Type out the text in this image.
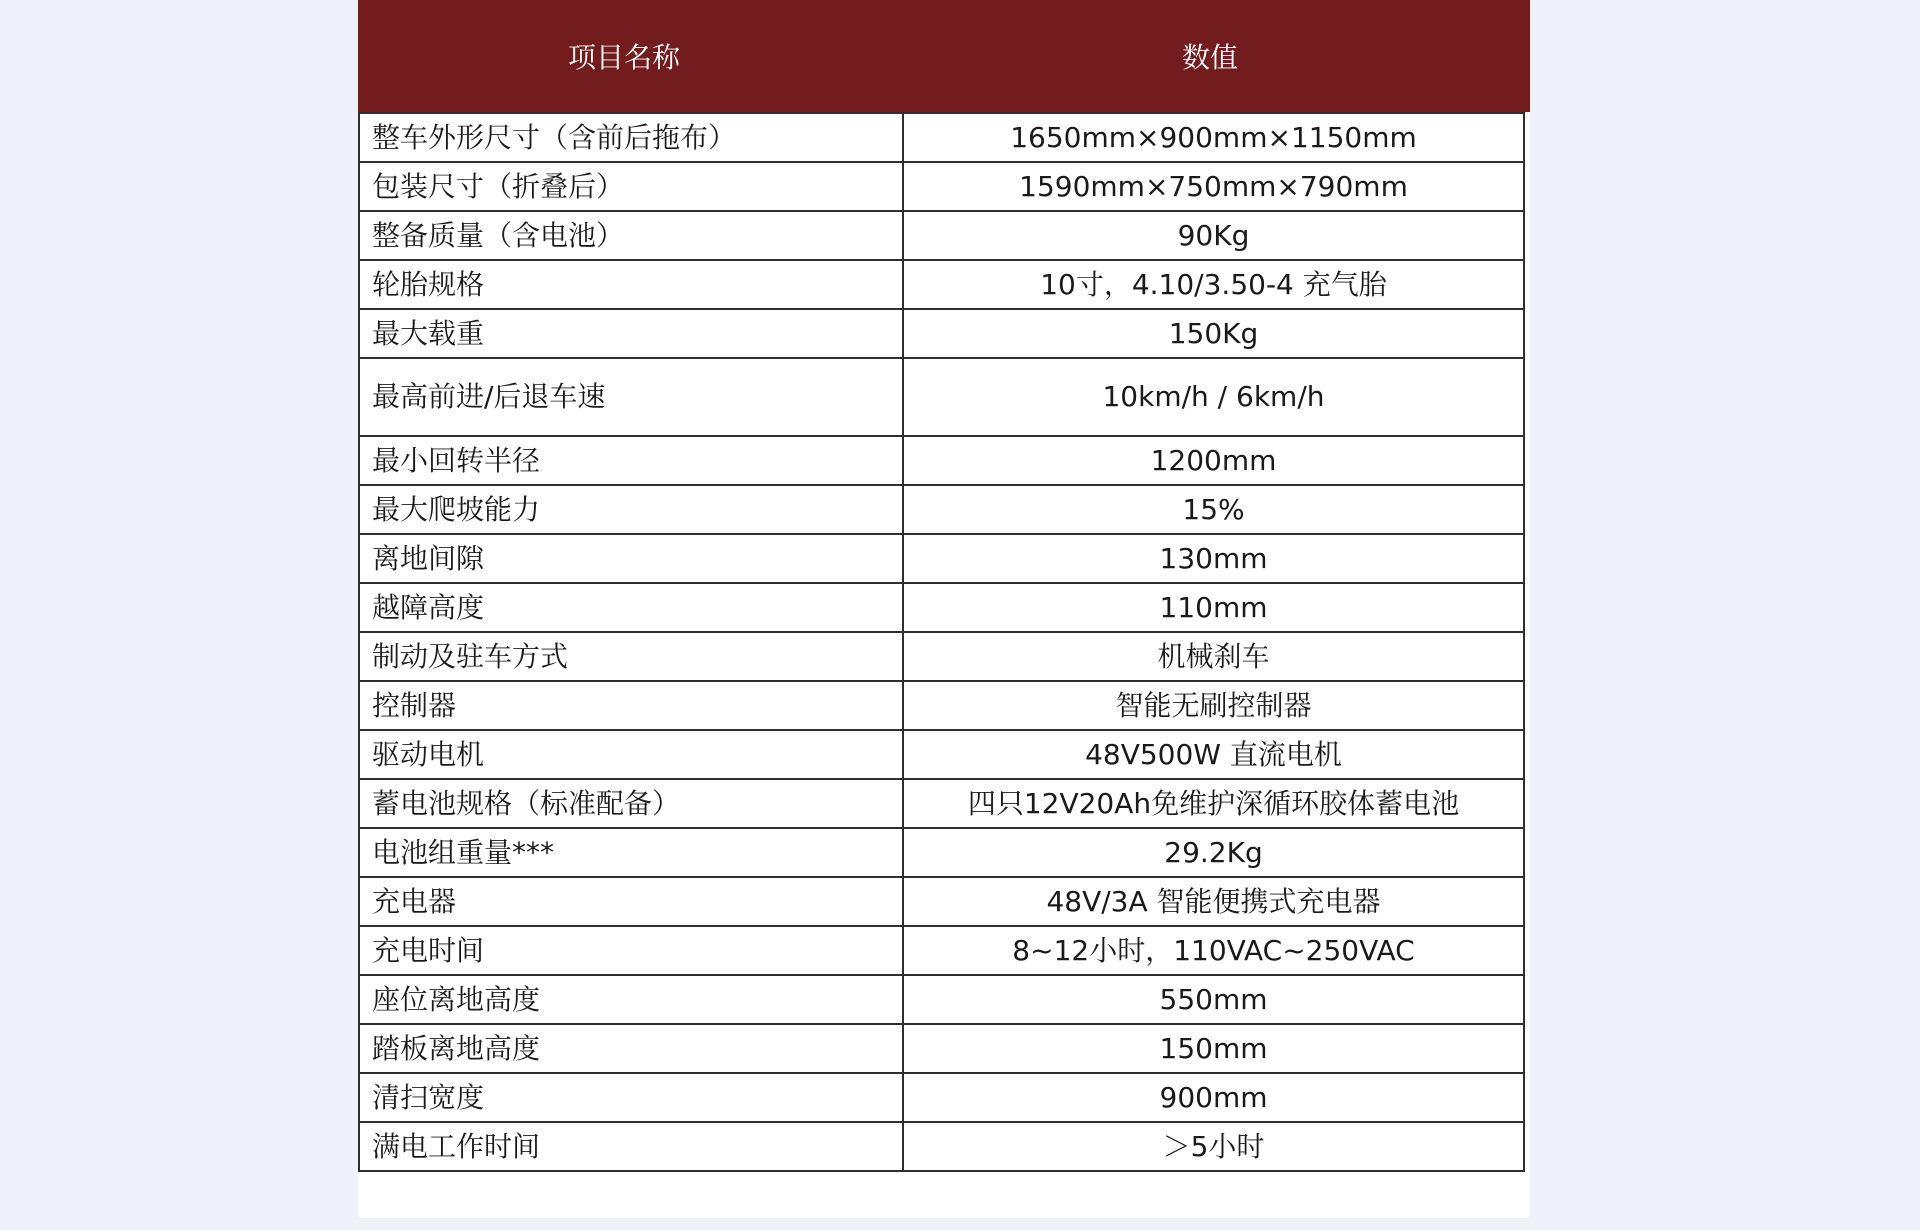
项目名称	数值
整车外形尺寸（含前后拖布）	1650mm×900mm×1150mm
包装尺寸（折叠后）	1590mm×750mm×790mm
整备质量（含电池）	90Kg
轮胎规格	10寸，4.10/3.50-4 充气胎
最大载重	150Kg
最高前进/后退车速	10km/h / 6km/h
最小回转半径	1200mm
最大爬坡能力	15%
离地间隙	130mm
越障高度	110mm
制动及驻车方式	机械刹车
控制器	智能无刷控制器
驱动电机	48V500W 直流电机
蓄电池规格（标准配备）	四只12V20Ah免维护深循环胶体蓄电池
电池组重量***	29.2Kg
充电器	48V/3A 智能便携式充电器
充电时间	8~12小时，110VAC~250VAC
座位离地高度	550mm
踏板离地高度	150mm
清扫宽度	900mm
满电工作时间	＞5小时
